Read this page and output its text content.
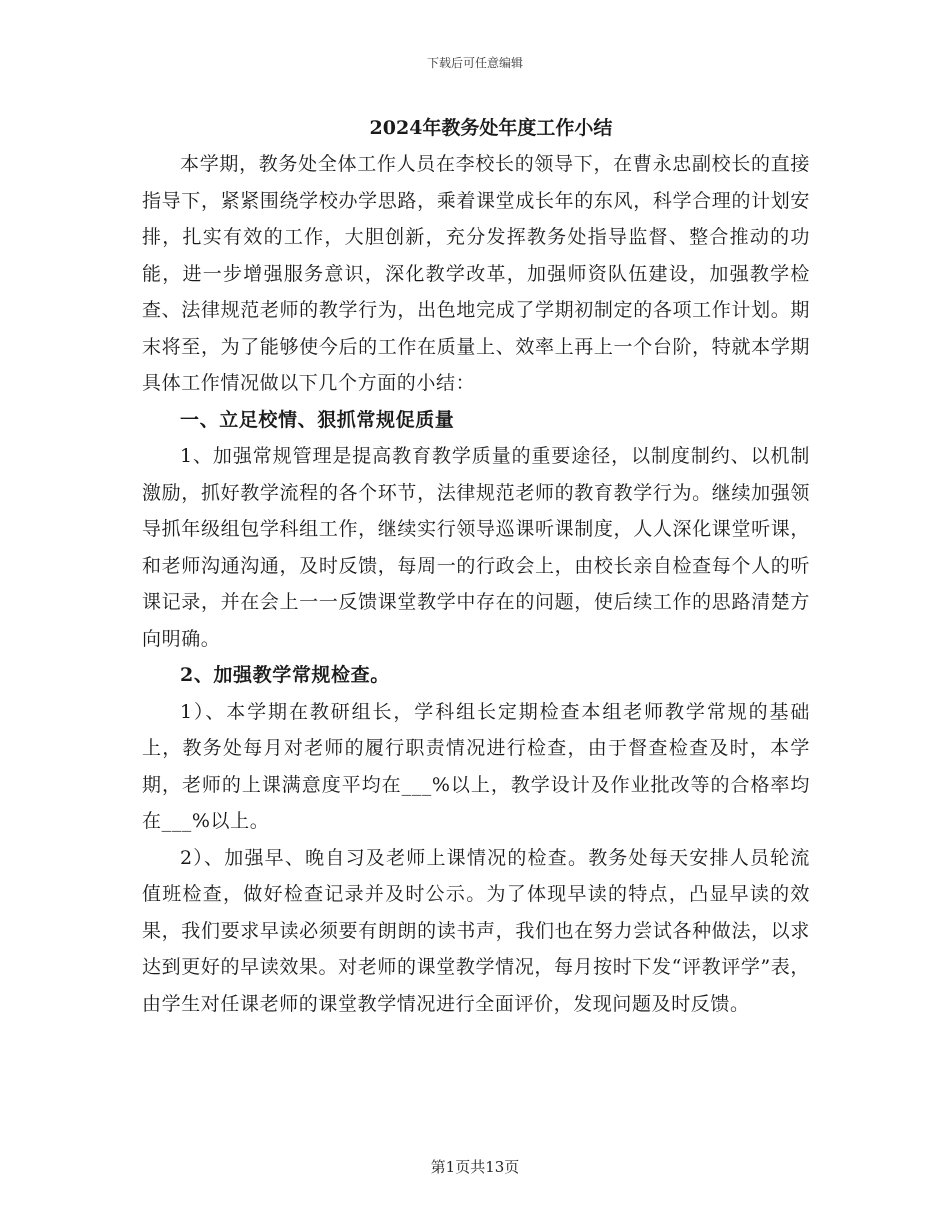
下载后可任意编辑
2024年教务处年度工作小结

本学期，教务处全体工作人员在李校长的领导下，在曹永忠副校长的直接指导下，紧紧围绕学校办学思路，乘着课堂成长年的东风，科学合理的计划安排，扎实有效的工作，大胆创新，充分发挥教务处指导监督、整合推动的功能，进一步增强服务意识，深化教学改革，加强师资队伍建设，加强教学检查、法律规范老师的教学行为，出色地完成了学期初制定的各项工作计划。期末将至，为了能够使今后的工作在质量上、效率上再上一个台阶，特就本学期具体工作情况做以下几个方面的小结：

一、立足校情、狠抓常规促质量

1、加强常规管理是提高教育教学质量的重要途径，以制度制约、以机制激励，抓好教学流程的各个环节，法律规范老师的教育教学行为。继续加强领导抓年级组包学科组工作，继续实行领导巡课听课制度，人人深化课堂听课，和老师沟通沟通，及时反馈，每周一的行政会上，由校长亲自检查每个人的听课记录，并在会上一一反馈课堂教学中存在的问题，使后续工作的思路清楚方向明确。

2、加强教学常规检查。

1）、本学期在教研组长，学科组长定期检查本组老师教学常规的基础上，教务处每月对老师的履行职责情况进行检查，由于督查检查及时，本学期，老师的上课满意度平均在___%以上，教学设计及作业批改等的合格率均在___%以上。

2）、加强早、晚自习及老师上课情况的检查。教务处每天安排人员轮流值班检查，做好检查记录并及时公示。为了体现早读的特点，凸显早读的效果，我们要求早读必须要有朗朗的读书声，我们也在努力尝试各种做法，以求达到更好的早读效果。对老师的课堂教学情况，每月按时下发“评教评学”表，由学生对任课老师的课堂教学情况进行全面评价，发现问题及时反馈。

第1页共13页
